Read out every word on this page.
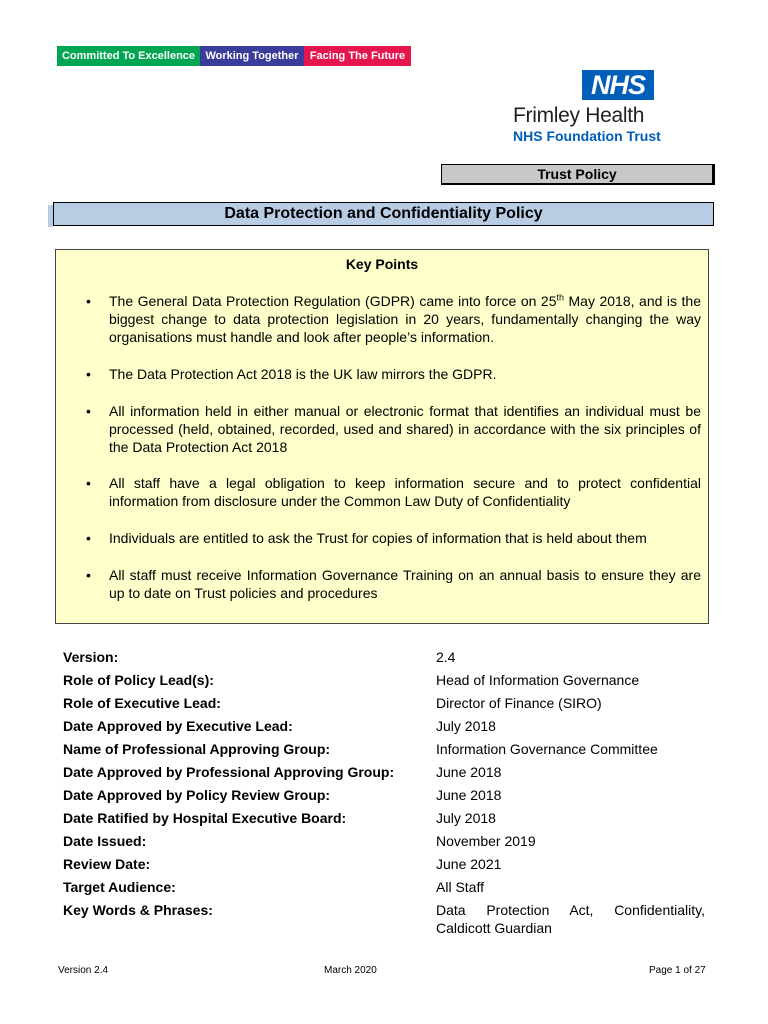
Committed To Excellence Working Together	Facing The Future
NHS
Frimley Health
NHS Foundation Trust
Trust Policy
Data Protection and Confidentiality Policy
Key Points
• The General Data Protection Regulation (GDPR) came into force on 25th May 2018, and is the biggest change to data protection legislation in 20 years, fundamentally changing the way organisations must handle and look after people’s information.
• The Data Protection Act 2018 is the UK law mirrors the GDPR.
• All information held in either manual or electronic format that identifies an individual must be processed (held, obtained, recorded, used and shared) in accordance with the six principles of the Data Protection Act 2018
• All staff have a legal obligation to keep information secure and to protect confidential information from disclosure under the Common Law Duty of Confidentiality
• Individuals are entitled to ask the Trust for copies of information that is held about them
• All staff must receive Information Governance Training on an annual basis to ensure they are up to date on Trust policies and procedures
Version:	2.4
Role of Policy Lead(s):	Head of Information Governance
Role of Executive Lead:	Director of Finance (SIRO)
Date Approved by Executive Lead:	July 2018
Name of Professional Approving Group:	Information Governance Committee
Date Approved by Professional Approving Group:	June 2018
Date Approved by Policy Review Group:	June 2018
Date Ratified by Hospital Executive Board:	July 2018
Date Issued:	November 2019
Review Date:	June 2021
Target Audience:	All Staff
Key Words & Phrases:	Data Protection Act, Confidentiality, Caldicott Guardian
Version 2.4	March 2020	Page 1 of 27
